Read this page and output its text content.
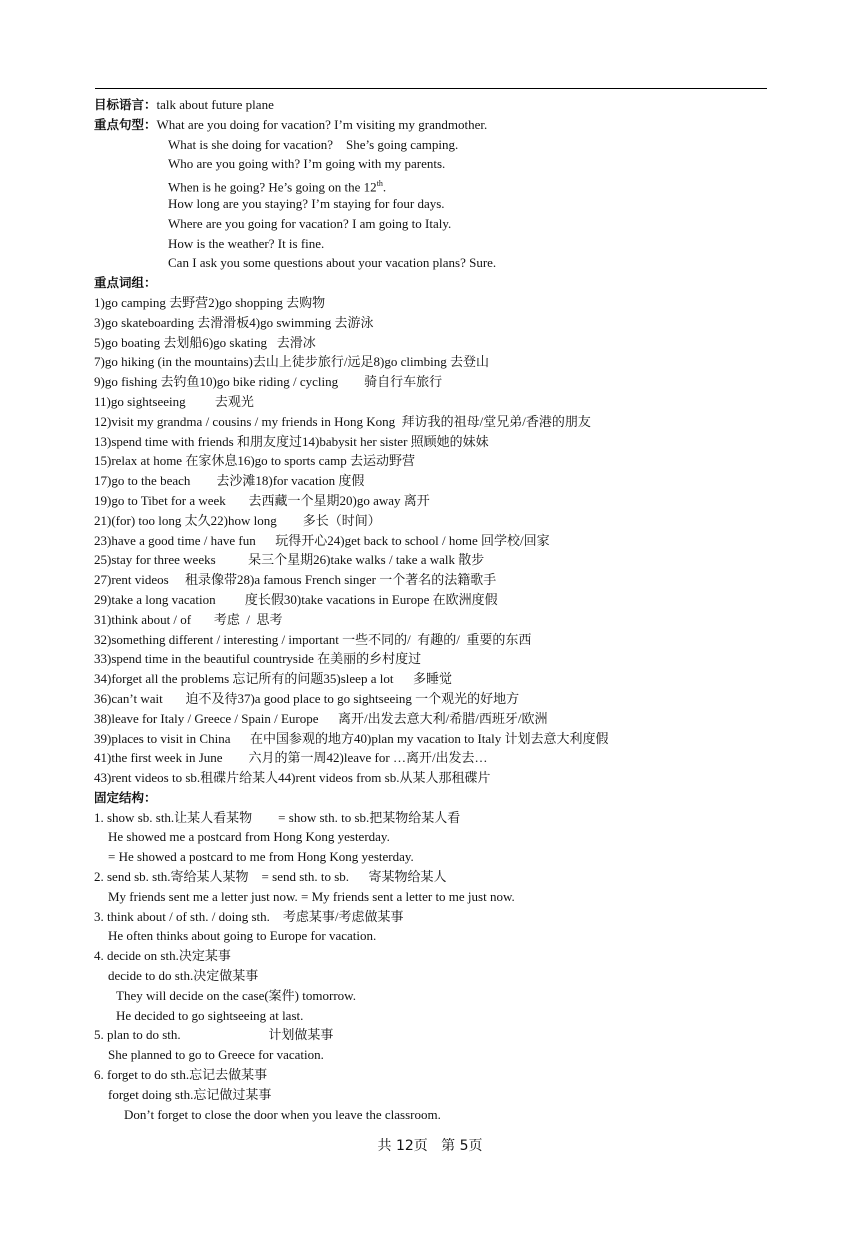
目标语言：talk about future plane
重点句型：What are you doing for vacation? I’m visiting my grandmother.
What is she doing for vacation?    She’s going camping.
Who are you going with? I’m going with my parents.
When is he going? He’s going on the 12th.
How long are you staying? I’m staying for four days.
Where are you going for vacation? I am going to Italy.
How is the weather? It is fine.
Can I ask you some questions about your vacation plans? Sure.
重点词组：
1)go camping 去野营2)go shopping 去购物
3)go skateboarding 去滑滑板4)go swimming 去游泳
5)go boating 去划船6)go skating   去滑冰
7)go hiking (in the mountains)去山上徒步旅行/远足8)go climbing 去登山
9)go fishing 去钓鱼10)go bike riding / cycling        骑自行车旅行
11)go sightseeing         去观光
12)visit my grandma / cousins / my friends in Hong Kong  拜访我的祖母/堂兄弟/香港的朋友
13)spend time with friends 和朋友度过14)babysit her sister 照顾她的妹妹
15)relax at home 在家休息16)go to sports camp 去运动野营
17)go to the beach        去沙滩18)for vacation 度假
19)go to Tibet for a week       去西藏一个星期20)go away 离开
21)(for) too long 太久22)how long        多长（时间）
23)have a good time / have fun      玩得开心24)get back to school / home 回学校/回家
25)stay for three weeks          呆三个星期26)take walks / take a walk 散步
27)rent videos     租录像带28)a famous French singer 一个著名的法籍歌手
29)take a long vacation         度长假30)take vacations in Europe 在欧洲度假
31)think about / of       考虑  /  思考
32)something different / interesting / important 一些不同的/  有趣的/  重要的东西
33)spend time in the beautiful countryside 在美丽的乡村度过
34)forget all the problems 忘记所有的问题35)sleep a lot      多睡觉
36)can’t wait       迫不及待37)a good place to go sightseeing 一个观光的好地方
38)leave for Italy / Greece / Spain / Europe      离开/出发去意大利/希腊/西班牙/欧洲
39)places to visit in China      在中国参观的地方40)plan my vacation to Italy 计划去意大利度假
41)the first week in June        六月的第一周42)leave for …离开/出发去…
43)rent videos to sb.租碟片给某人44)rent videos from sb.从某人那租碟片
固定结构：
1. show sb. sth.让某人看某物        = show sth. to sb.把某物给某人看
He showed me a postcard from Hong Kong yesterday.
= He showed a postcard to me from Hong Kong yesterday.
2. send sb. sth.寄给某人某物    = send sth. to sb.      寄某物给某人
My friends sent me a letter just now. = My friends sent a letter to me just now.
3. think about / of sth. / doing sth.    考虑某事/考虑做某事
He often thinks about going to Europe for vacation.
4. decide on sth.决定某事
decide to do sth.决定做某事
They will decide on the case(案件) tomorrow.
He decided to go sightseeing at last.
5. plan to do sth.                           计划做某事
She planned to go to Greece for vacation.
6. forget to do sth.忘记去做某事
forget doing sth.忘记做过某事
Don’t forget to close the door when you leave the classroom.
共 12页   第 5页
